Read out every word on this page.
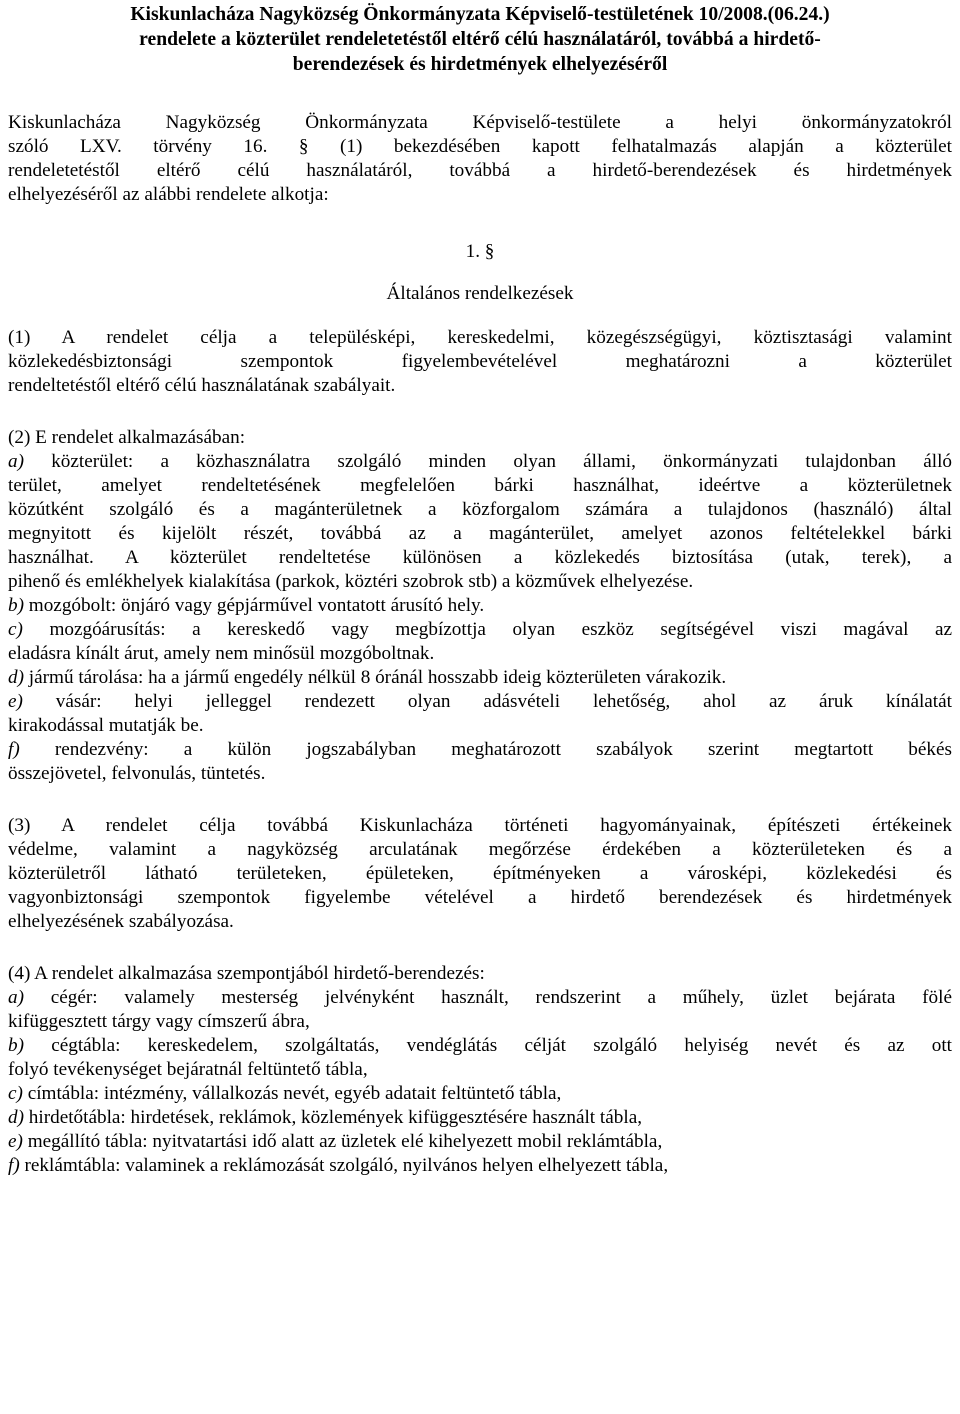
Kiskunlacháza Nagyközség Önkormányzata Képviselő-testületének 10/2008.(06.24.)
rendelete a közterület rendeletetéstől eltérő célú használatáról, továbbá a hirdető-
berendezések és hirdetmények elhelyezéséről
Kiskunlacháza Nagyközség Önkormányzata Képviselő-testülete a helyi önkormányzatokról
szóló LXV. törvény 16. § (1) bekezdésében kapott felhatalmazás alapján a közterület
rendeletetéstől eltérő célú használatáról, továbbá a hirdető-berendezések és hirdetmények
elhelyezéséről az alábbi rendelete alkotja:
1. §
Általános rendelkezések
(1) A rendelet célja a településképi, kereskedelmi, közegészségügyi, köztisztasági valamint
közlekedésbiztonsági szempontok figyelembevételével meghatározni a közterület
rendeltetéstől eltérő célú használatának szabályait.
(2) E rendelet alkalmazásában:
a) közterület: a közhasználatra szolgáló minden olyan állami, önkormányzati tulajdonban álló
terület, amelyet rendeltetésének megfelelően bárki használhat, ideértve a közterületnek
közútként szolgáló és a magánterületnek a közforgalom számára a tulajdonos (használó) által
megnyitott és kijelölt részét, továbbá az a magánterület, amelyet azonos feltételekkel bárki
használhat. A közterület rendeltetése különösen a közlekedés biztosítása (utak, terek), a
pihenő és emlékhelyek kialakítása (parkok, köztéri szobrok stb) a közművek elhelyezése.
b) mozgóbolt: önjáró vagy gépjárművel vontatott árusító hely.
c) mozgóárusítás: a kereskedő vagy megbízottja olyan eszköz segítségével viszi magával az
eladásra kínált árut, amely nem minősül mozgóboltnak.
d) jármű tárolása: ha a jármű engedély nélkül 8 óránál hosszabb ideig közterületen várakozik.
e) vásár: helyi jelleggel rendezett olyan adásvételi lehetőség, ahol az áruk kínálatát
kirakodással mutatják be.
f) rendezvény: a külön jogszabályban meghatározott szabályok szerint megtartott békés
összejövetel, felvonulás, tüntetés.
(3) A rendelet célja továbbá Kiskunlacháza történeti hagyományainak, építészeti értékeinek
védelme, valamint a nagyközség arculatának megőrzése érdekében a közterületeken és a
közterületről látható területeken, épületeken, építményeken a városképi, közlekedési és
vagyonbiztonsági szempontok figyelembe vételével a hirdető berendezések és hirdetmények
elhelyezésének szabályozása.
(4) A rendelet alkalmazása szempontjából hirdető-berendezés:
a) cégér: valamely mesterség jelvényként használt, rendszerint a műhely, üzlet bejárata fölé
kifüggesztett tárgy vagy címszerű ábra,
b) cégtábla: kereskedelem, szolgáltatás, vendéglátás célját szolgáló helyiség nevét és az ott
folyó tevékenységet bejáratnál feltüntető tábla,
c) címtábla: intézmény, vállalkozás nevét, egyéb adatait feltüntető tábla,
d) hirdetőtábla: hirdetések, reklámok, közlemények kifüggesztésére használt tábla,
e) megállító tábla: nyitvatartási idő alatt az üzletek elé kihelyezett mobil reklámtábla,
f) reklámtábla: valaminek a reklámozását szolgáló, nyilvános helyen elhelyezett tábla,
